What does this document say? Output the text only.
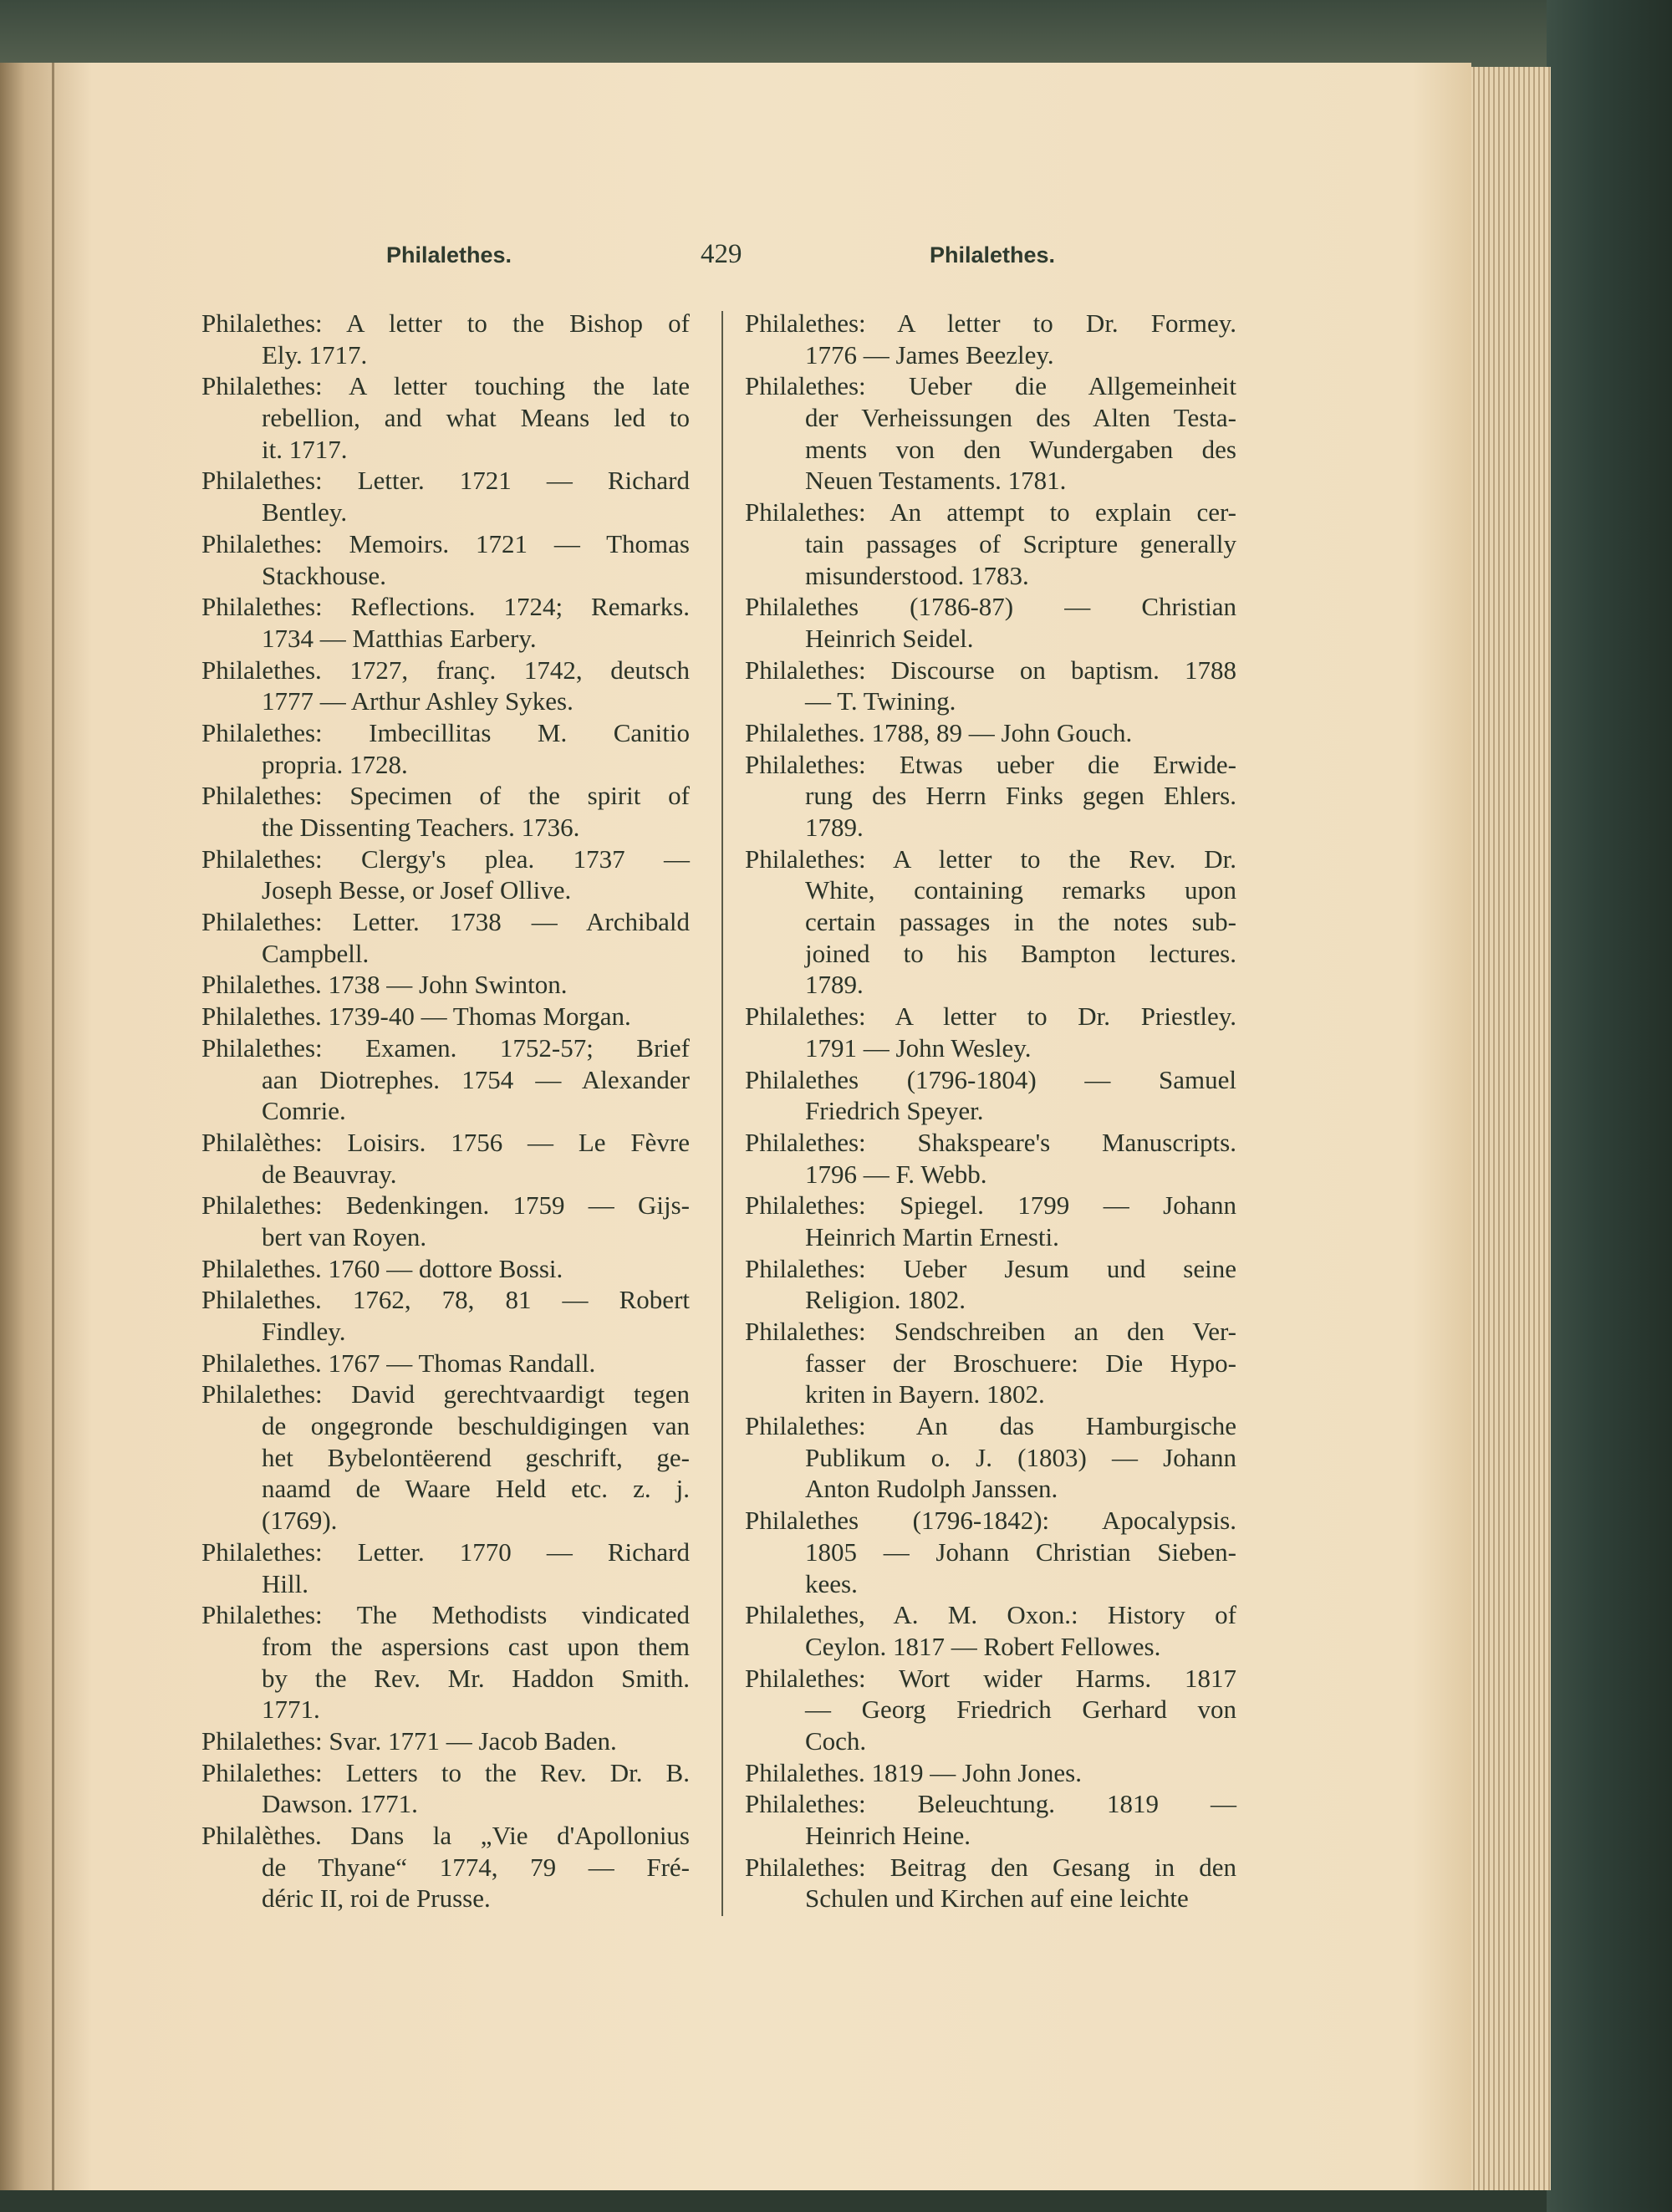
Philalethes.	429	Philalethes.
Philalethes: A letter to the Bishop of
Ely. 1717.
Philalethes: A letter touching the late
rebellion, and what Means led to
it. 1717.
Philalethes: Letter. 1721 — Richard
Bentley.
Philalethes: Memoirs. 1721 — Thomas
Stackhouse.
Philalethes: Reflections. 1724; Remarks.
1734 — Matthias Earbery.
Philalethes. 1727, franç. 1742, deutsch
1777 — Arthur Ashley Sykes.
Philalethes: Imbecillitas M. Canitio
propria. 1728.
Philalethes: Specimen of the spirit of
the Dissenting Teachers. 1736.
Philalethes: Clergy's plea. 1737 —
Joseph Besse, or Josef Ollive.
Philalethes: Letter. 1738 — Archibald
Campbell.
Philalethes. 1738 — John Swinton.
Philalethes. 1739-40 — Thomas Morgan.
Philalethes: Examen. 1752-57; Brief
aan Diotrephes. 1754 — Alexander
Comrie.
Philalèthes: Loisirs. 1756 — Le Fèvre
de Beauvray.
Philalethes: Bedenkingen. 1759 — Gijs-
bert van Royen.
Philalethes. 1760 — dottore Bossi.
Philalethes. 1762, 78, 81 — Robert
Findley.
Philalethes. 1767 — Thomas Randall.
Philalethes: David gerechtvaardigt tegen
de ongegronde beschuldigingen van
het Bybelontëerend geschrift, ge-
naamd de Waare Held etc. z. j.
(1769).
Philalethes: Letter. 1770 — Richard
Hill.
Philalethes: The Methodists vindicated
from the aspersions cast upon them
by the Rev. Mr. Haddon Smith.
1771.
Philalethes: Svar. 1771 — Jacob Baden.
Philalethes: Letters to the Rev. Dr. B.
Dawson. 1771.
Philalèthes. Dans la „Vie d'Apollonius
de Thyane“ 1774, 79 — Fré-
déric II, roi de Prusse.
Philalethes: A letter to Dr. Formey.
1776 — James Beezley.
Philalethes: Ueber die Allgemeinheit
der Verheissungen des Alten Testa-
ments von den Wundergaben des
Neuen Testaments. 1781.
Philalethes: An attempt to explain cer-
tain passages of Scripture generally
misunderstood. 1783.
Philalethes (1786-87) — Christian
Heinrich Seidel.
Philalethes: Discourse on baptism. 1788
— T. Twining.
Philalethes. 1788, 89 — John Gouch.
Philalethes: Etwas ueber die Erwide-
rung des Herrn Finks gegen Ehlers.
1789.
Philalethes: A letter to the Rev. Dr.
White, containing remarks upon
certain passages in the notes sub-
joined to his Bampton lectures.
1789.
Philalethes: A letter to Dr. Priestley.
1791 — John Wesley.
Philalethes (1796-1804) — Samuel
Friedrich Speyer.
Philalethes: Shakspeare's Manuscripts.
1796 — F. Webb.
Philalethes: Spiegel. 1799 — Johann
Heinrich Martin Ernesti.
Philalethes: Ueber Jesum und seine
Religion. 1802.
Philalethes: Sendschreiben an den Ver-
fasser der Broschuere: Die Hypo-
kriten in Bayern. 1802.
Philalethes: An das Hamburgische
Publikum o. J. (1803) — Johann
Anton Rudolph Janssen.
Philalethes (1796-1842): Apocalypsis.
1805 — Johann Christian Sieben-
kees.
Philalethes, A. M. Oxon.: History of
Ceylon. 1817 — Robert Fellowes.
Philalethes: Wort wider Harms. 1817
— Georg Friedrich Gerhard von
Coch.
Philalethes. 1819 — John Jones.
Philalethes: Beleuchtung. 1819 —
Heinrich Heine.
Philalethes: Beitrag den Gesang in den
Schulen und Kirchen auf eine leichte
